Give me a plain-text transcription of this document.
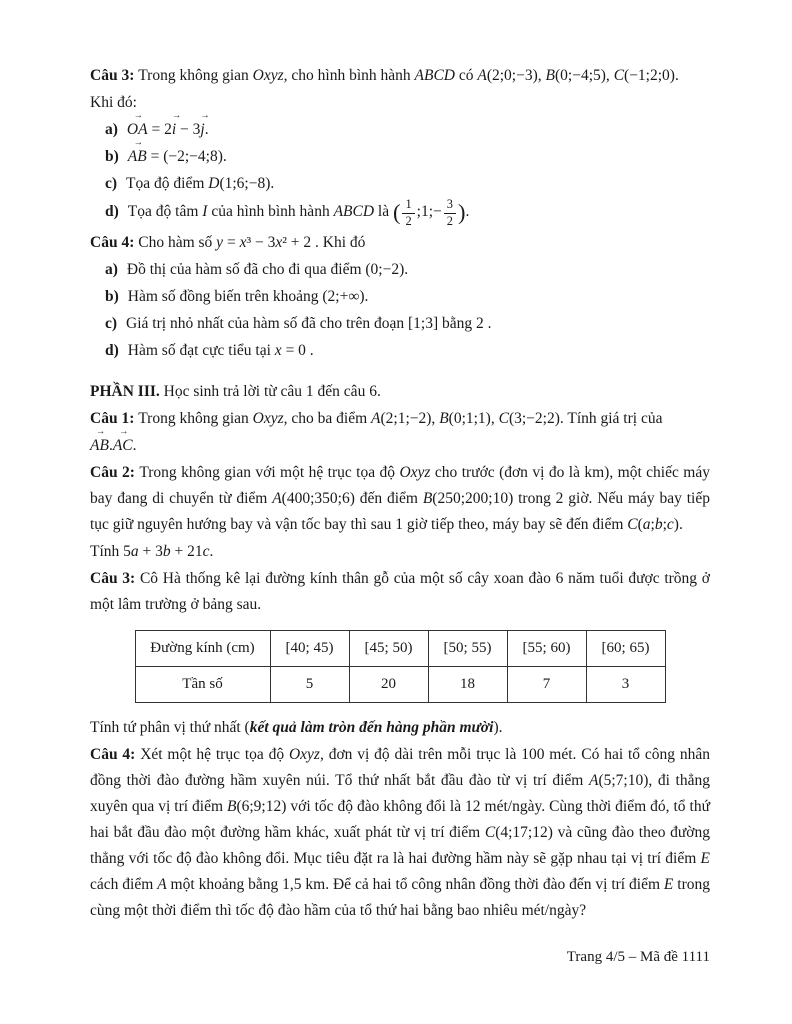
Câu 3: Trong không gian Oxyz, cho hình bình hành ABCD có A(2;0;−3), B(0;−4;5), C(−1;2;0).
Khi đó:
a) OA → = 2i → − 3j →.
b) AB → = (−2;−4;8).
c) Tọa độ điểm D(1;6;−8).
d) Tọa độ tâm I của hình bình hành ABCD là ( $\frac{1}{2}$ ;1;− $\frac{3}{2}$ ).
Câu 4: Cho hàm số y = x³ − 3x² + 2 . Khi đó
a) Đồ thị của hàm số đã cho đi qua điểm (0;−2).
b) Hàm số đồng biến trên khoảng (2;+∞).
c) Giá trị nhỏ nhất của hàm số đã cho trên đoạn [1;3] bằng 2 .
d) Hàm số đạt cực tiểu tại x = 0 .
PHẦN III. Học sinh trả lời từ câu 1 đến câu 6.
Câu 1: Trong không gian Oxyz, cho ba điểm A(2;1;−2), B(0;1;1), C(3;−2;2). Tính giá trị của
AB →.AC →.
Câu 2: Trong không gian với một hệ trục tọa độ Oxyz cho trước (đơn vị đo là km), một chiếc máy bay đang di chuyển từ điểm A(400;350;6) đến điểm B(250;200;10) trong 2 giờ. Nếu máy bay tiếp tục giữ nguyên hướng bay và vận tốc bay thì sau 1 giờ tiếp theo, máy bay sẽ đến điểm C(a;b;c).
Tính 5a + 3b + 21c.
Câu 3: Cô Hà thống kê lại đường kính thân gỗ của một số cây xoan đào 6 năm tuổi được trồng ở một lâm trường ở bảng sau.
Đường kính (cm)	[40; 45)	[45; 50)	[50; 55)	[55; 60)	[60; 65)
Tần số	5	20	18	7	3
Tính tứ phân vị thứ nhất (kết quả làm tròn đến hàng phần mười).
Câu 4: Xét một hệ trục tọa độ Oxyz, đơn vị độ dài trên mỗi trục là 100 mét. Có hai tổ công nhân đồng thời đào đường hầm xuyên núi. Tổ thứ nhất bắt đầu đào từ vị trí điểm A(5;7;10), đi thẳng xuyên qua vị trí điểm B(6;9;12) với tốc độ đào không đổi là 12 mét/ngày. Cùng thời điểm đó, tổ thứ hai bắt đầu đào một đường hầm khác, xuất phát từ vị trí điểm C(4;17;12) và cũng đào theo đường thẳng với tốc độ đào không đổi. Mục tiêu đặt ra là hai đường hầm này sẽ gặp nhau tại vị trí điểm E cách điểm A một khoảng bằng 1,5 km. Để cả hai tổ công nhân đồng thời đào đến vị trí điểm E trong cùng một thời điểm thì tốc độ đào hầm của tổ thứ hai bằng bao nhiêu mét/ngày?
Trang 4/5 – Mã đề 1111
